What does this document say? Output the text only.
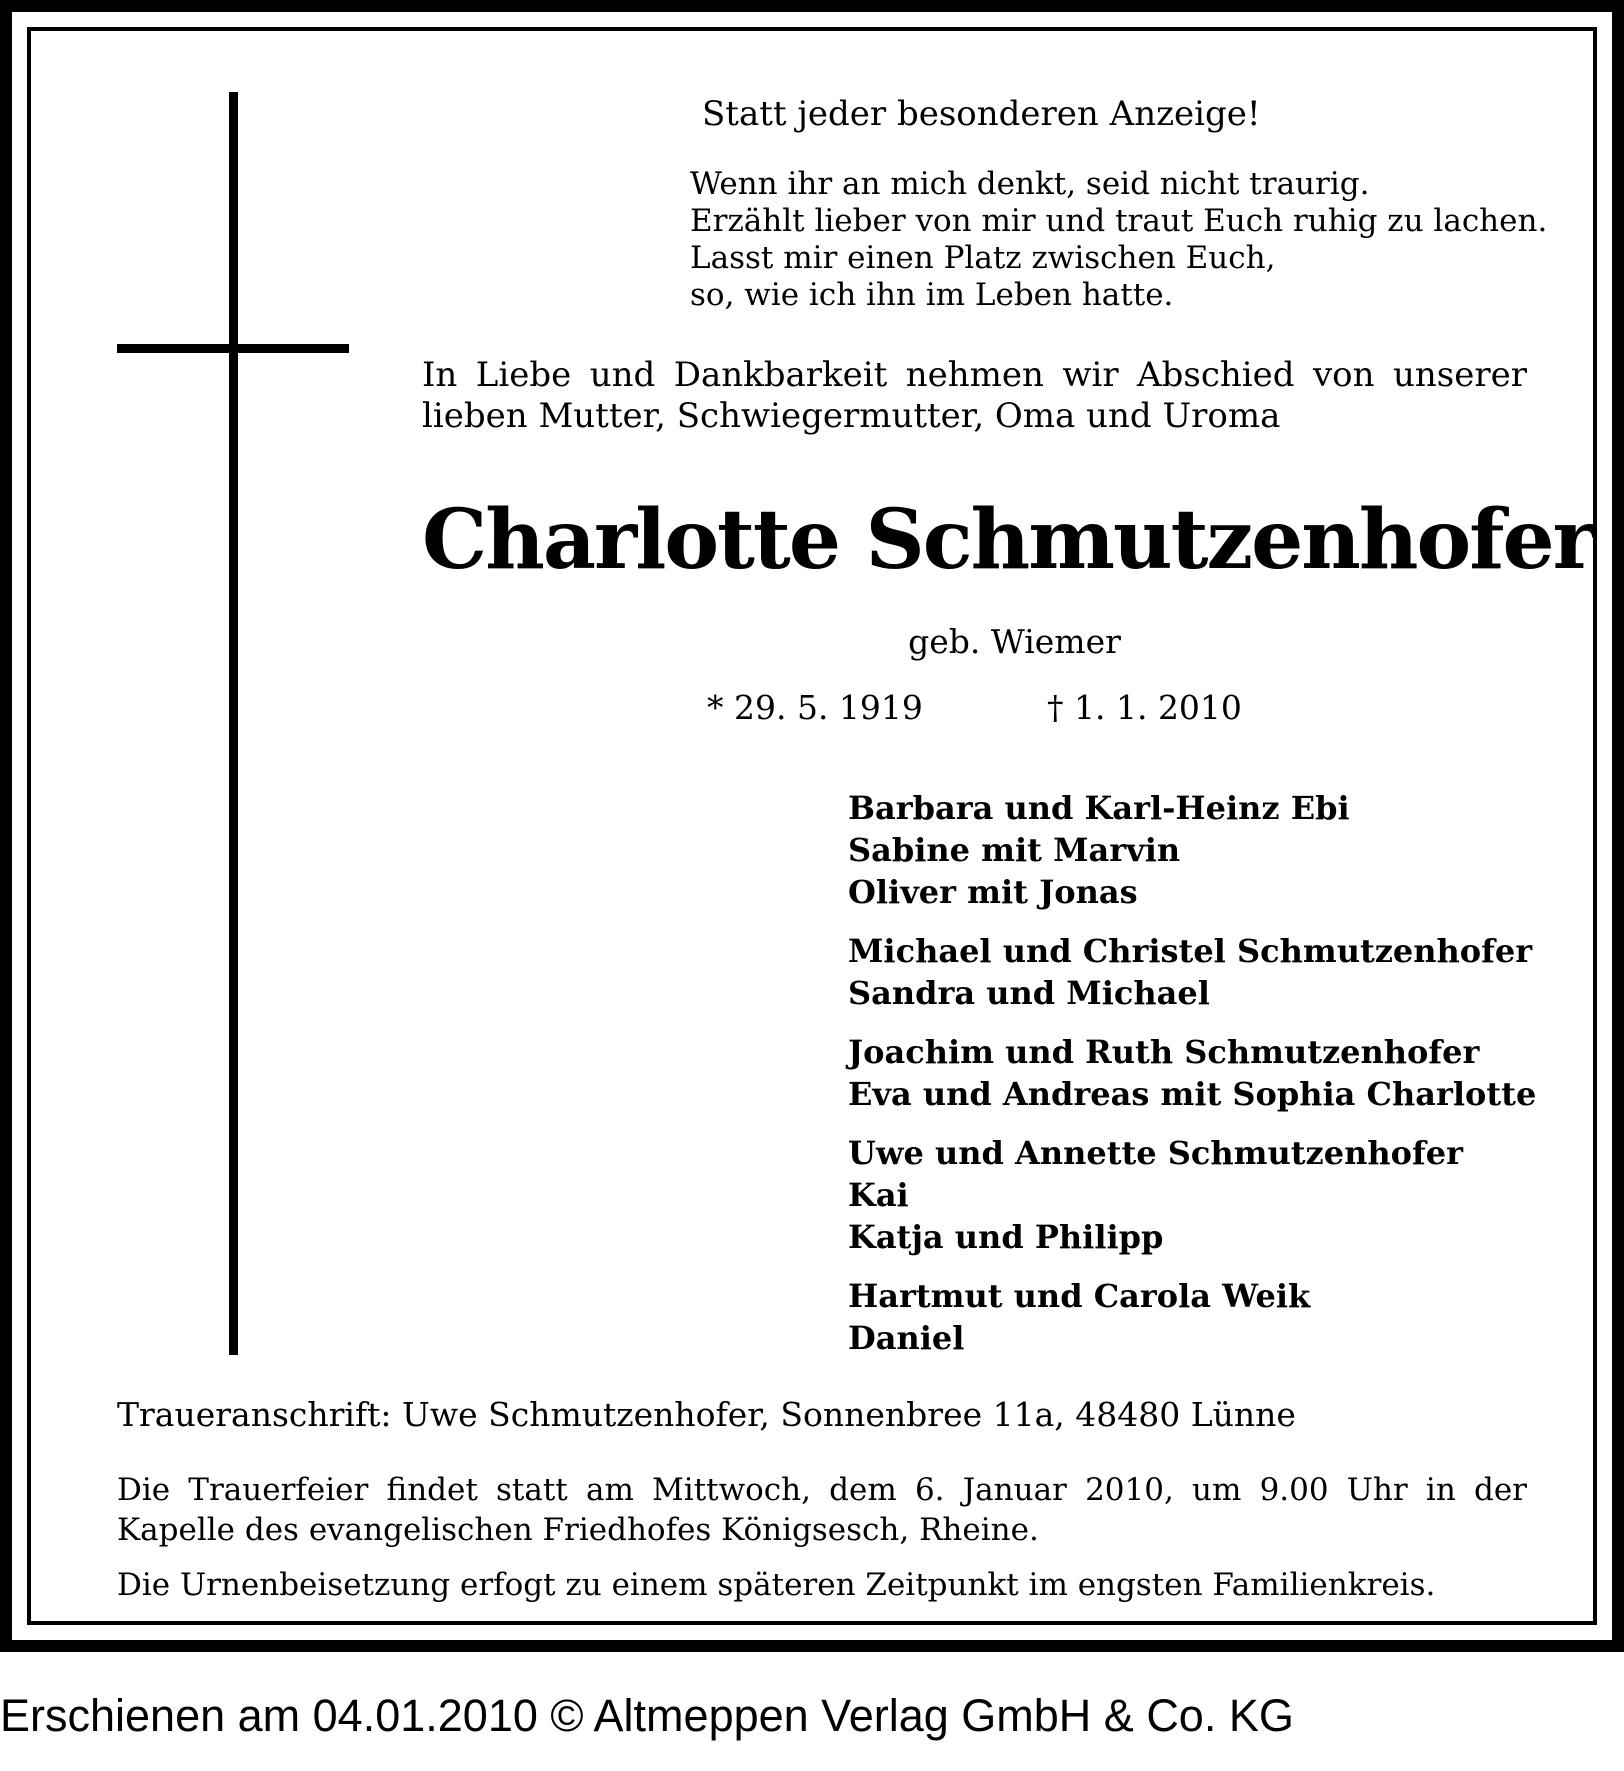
Statt jeder besonderen Anzeige!

Wenn ihr an mich denkt, seid nicht traurig.
Erzählt lieber von mir und traut Euch ruhig zu lachen.
Lasst mir einen Platz zwischen Euch,
so, wie ich ihn im Leben hatte.

In Liebe und Dankbarkeit nehmen wir Abschied von unserer lieben Mutter, Schwiegermutter, Oma und Uroma

Charlotte Schmutzenhofer

geb. Wiemer

* 29. 5. 1919	† 1. 1. 2010
Barbara und Karl-Heinz Ebi
Sabine mit Marvin
Oliver mit Jonas
Michael und Christel Schmutzenhofer
Sandra und Michael
Joachim und Ruth Schmutzenhofer
Eva und Andreas mit Sophia Charlotte
Uwe und Annette Schmutzenhofer
Kai
Katja und Philipp
Hartmut und Carola Weik
Daniel

Traueranschrift: Uwe Schmutzenhofer, Sonnenbree 11a, 48480 Lünne

Die Trauerfeier findet statt am Mittwoch, dem 6. Januar 2010, um 9.00 Uhr in der Kapelle des evangelischen Friedhofes Königsesch, Rheine.

Die Urnenbeisetzung erfogt zu einem späteren Zeitpunkt im engsten Familienkreis.

Erschienen am 04.01.2010 © Altmeppen Verlag GmbH & Co. KG
